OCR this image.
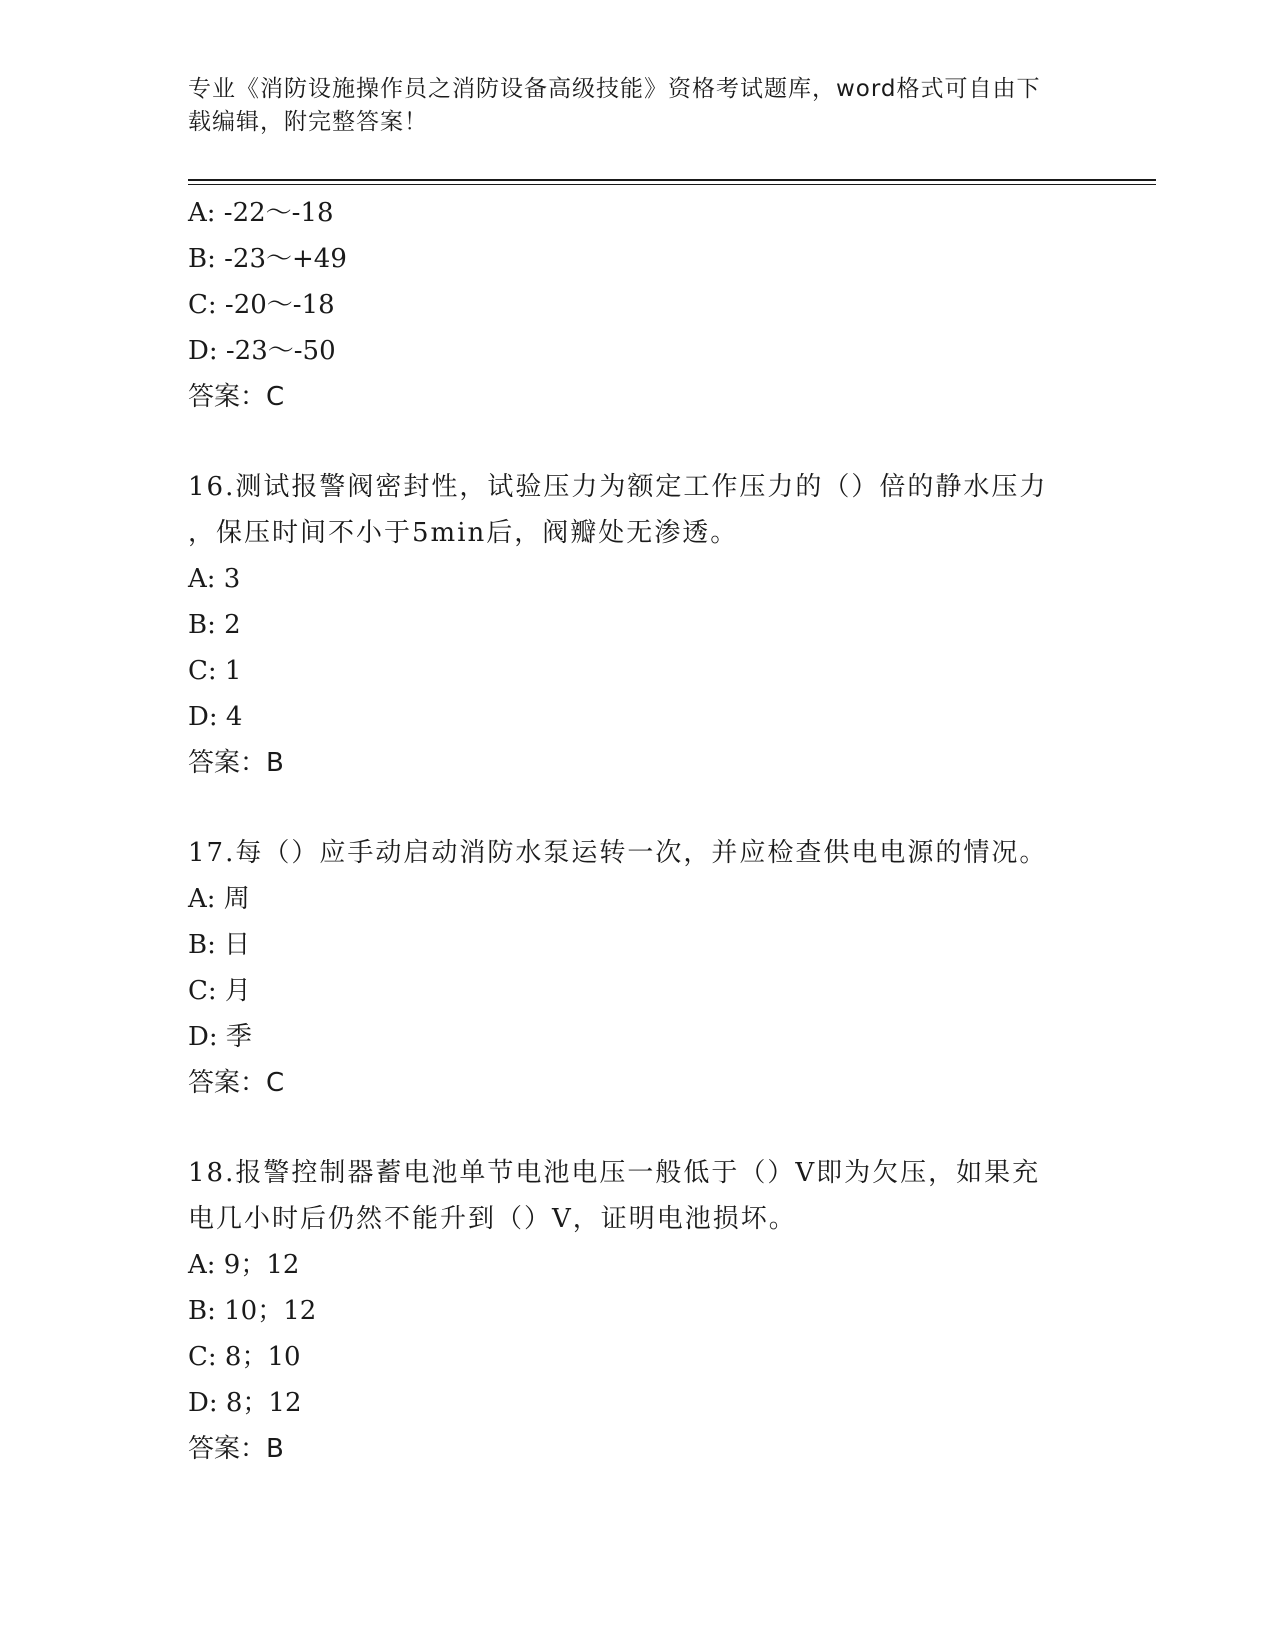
专业《消防设施操作员之消防设备高级技能》资格考试题库，word格式可自由下
载编辑，附完整答案！
A: -22～-18
B: -23～+49
C: -20～-18
D: -23～-50
答案：C
16.测试报警阀密封性，试验压力为额定工作压力的（）倍的静水压力
，保压时间不小于5min后，阀瓣处无渗透。
A: 3
B: 2
C: 1
D: 4
答案：B
17.每（）应手动启动消防水泵运转一次，并应检查供电电源的情况。
A: 周
B: 日
C: 月
D: 季
答案：C
18.报警控制器蓄电池单节电池电压一般低于（）V即为欠压，如果充
电几小时后仍然不能升到（）V，证明电池损坏。
A: 9；12
B: 10；12
C: 8；10
D: 8；12
答案：B
